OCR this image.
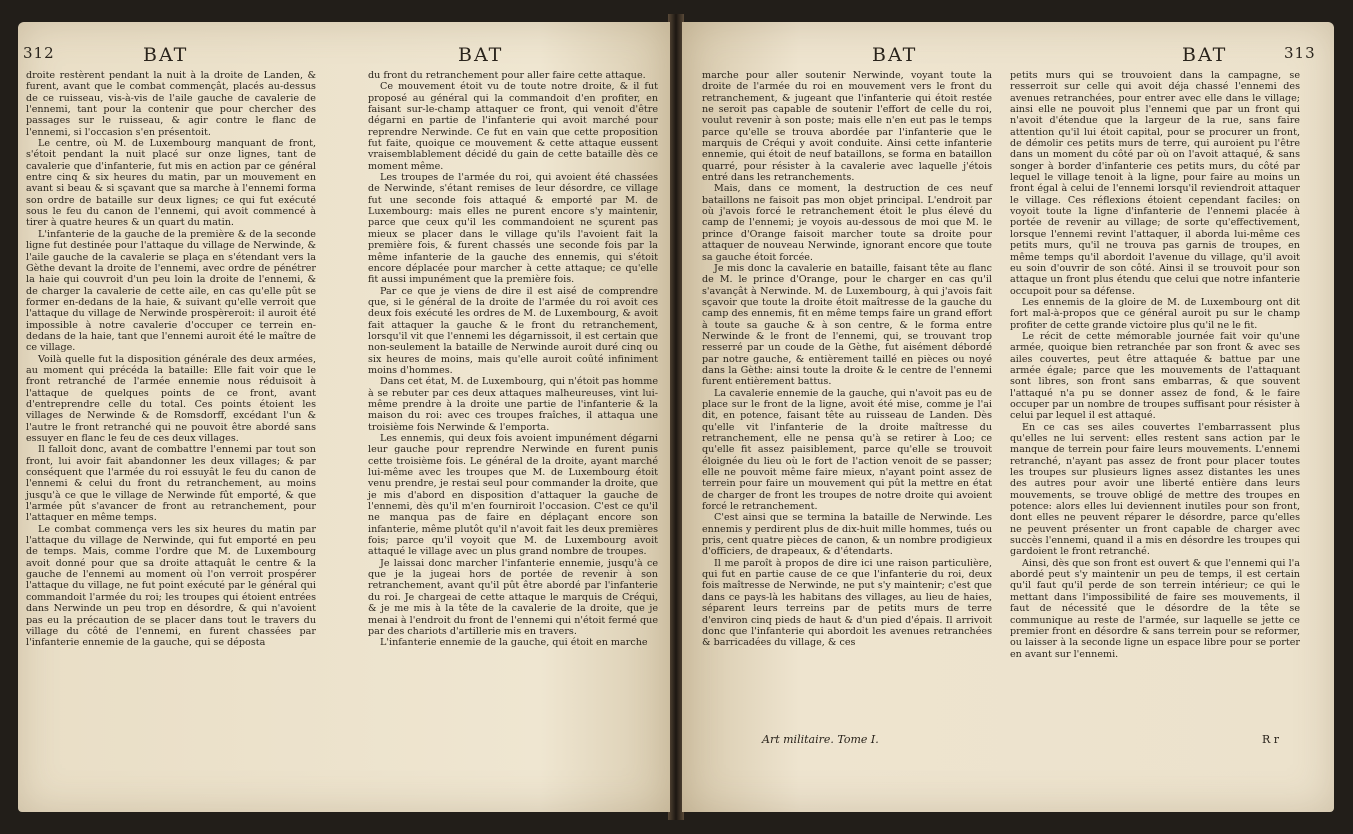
312	BAT	BAT

droite restèrent pendant la nuit à la droite de Landen, & furent, avant que le combat commençât, placés au-dessus de ce ruisseau, vis-à-vis de l'aile gauche de cavalerie de l'ennemi, tant pour la contenir que pour chercher des passages sur le ruisseau, & agir contre le flanc de l'ennemi, si l'occasion s'en présentoit.

Le centre, où M. de Luxembourg manquant de front, s'étoit pendant la nuit placé sur onze lignes, tant de cavalerie que d'infanterie, fut mis en action par ce général entre cinq & six heures du matin, par un mouvement en avant si beau & si sçavant que sa marche à l'ennemi forma son ordre de bataille sur deux lignes; ce qui fut exécuté sous le feu du canon de l'ennemi, qui avoit commencé à tirer à quatre heures & un quart du matin.

L'infanterie de la gauche de la première & de la seconde ligne fut destinée pour l'attaque du village de Nerwinde, & l'aile gauche de la cavalerie se plaça en s'étendant vers la Gèthe devant la droite de l'ennemi, avec ordre de pénétrer la haie qui couvroit d'un peu loin la droite de l'ennemi, & de charger la cavalerie de cette aile, en cas qu'elle pût se former en-dedans de la haie, & suivant qu'elle verroit que l'attaque du village de Nerwinde prospèreroit: il auroit été impossible à notre cavalerie d'occuper ce terrein en-dedans de la haie, tant que l'ennemi auroit été le maître de ce village.

Voilà quelle fut la disposition générale des deux armées, au moment qui précéda la bataille: Elle fait voir que le front retranché de l'armée ennemie nous réduisoit à l'attaque de quelques points de ce front, avant d'entreprendre celle du total. Ces points étoient les villages de Nerwinde & de Romsdorff, excédant l'un & l'autre le front retranché qui ne pouvoit être abordé sans essuyer en flanc le feu de ces deux villages.

Il falloit donc, avant de combattre l'ennemi par tout son front, lui avoir fait abandonner les deux villages; & par conséquent que l'armée du roi essuyât le feu du canon de l'ennemi & celui du front du retranchement, au moins jusqu'à ce que le village de Nerwinde fût emporté, & que l'armée pût s'avancer de front au retranchement, pour l'attaquer en même temps.

Le combat commença vers les six heures du matin par l'attaque du village de Nerwinde, qui fut emporté en peu de temps. Mais, comme l'ordre que M. de Luxembourg avoit donné pour que sa droite attaquât le centre & la gauche de l'ennemi au moment où l'on verroit prospérer l'attaque du village, ne fut point exécuté par le général qui commandoit l'armée du roi; les troupes qui étoient entrées dans Nerwinde un peu trop en désordre, & qui n'avoient pas eu la précaution de se placer dans tout le travers du village du côté de l'ennemi, en furent chassées par l'infanterie ennemie de la gauche, qui se déposta

du front du retranchement pour aller faire cette attaque.

Ce mouvement étoit vu de toute notre droite, & il fut proposé au général qui la commandoit d'en profiter, en faisant sur-le-champ attaquer ce front, qui venoit d'être dégarni en partie de l'infanterie qui avoit marché pour reprendre Nerwinde. Ce fut en vain que cette proposition fut faite, quoique ce mouvement & cette attaque eussent vraisemblablement décidé du gain de cette bataille dès ce moment même.

Les troupes de l'armée du roi, qui avoient été chassées de Nerwinde, s'étant remises de leur désordre, ce village fut une seconde fois attaqué & emporté par M. de Luxembourg: mais elles ne purent encore s'y maintenir, parce que ceux qu'il les commandoient ne sçurent pas mieux se placer dans le village qu'ils l'avoient fait la première fois, & furent chassés une seconde fois par la même infanterie de la gauche des ennemis, qui s'étoit encore déplacée pour marcher à cette attaque; ce qu'elle fit aussi impunément que la première fois.

Par ce que je viens de dire il est aisé de comprendre que, si le général de la droite de l'armée du roi avoit ces deux fois exécuté les ordres de M. de Luxembourg, & avoit fait attaquer la gauche & le front du retranchement, lorsqu'il vit que l'ennemi les dégarnissoit, il est certain que non-seulement la bataille de Nerwinde auroit duré cinq ou six heures de moins, mais qu'elle auroit coûté infiniment moins d'hommes.

Dans cet état, M. de Luxembourg, qui n'étoit pas homme à se rebuter par ces deux attaques malheureuses, vint lui-même prendre à la droite une partie de l'infanterie & la maison du roi: avec ces troupes fraîches, il attaqua une troisième fois Nerwinde & l'emporta.

Les ennemis, qui deux fois avoient impunément dégarni leur gauche pour reprendre Nerwinde en furent punis cette troisième fois. Le général de la droite, ayant marché lui-même avec les troupes que M. de Luxembourg étoit venu prendre, je restai seul pour commander la droite, que je mis d'abord en disposition d'attaquer la gauche de l'ennemi, dès qu'il m'en fourniroit l'occasion. C'est ce qu'il ne manqua pas de faire en déplaçant encore son infanterie, même plutôt qu'il n'avoit fait les deux premières fois; parce qu'il voyoit que M. de Luxembourg avoit attaqué le village avec un plus grand nombre de troupes.

Je laissai donc marcher l'infanterie ennemie, jusqu'à ce que je la jugeai hors de portée de revenir à son retranchement, avant qu'il pût être abordé par l'infanterie du roi. Je chargeai de cette attaque le marquis de Créqui, & je me mis à la tête de la cavalerie de la droite, que je menai à l'endroit du front de l'ennemi qui n'étoit fermé que par des chariots d'artillerie mis en travers.

L'infanterie ennemie de la gauche, qui étoit en marche

BAT	BAT	313

marche pour aller soutenir Nerwinde, voyant toute la droite de l'armée du roi en mouvement vers le front du retranchement, & jugeant que l'infanterie qui étoit restée ne seroit pas capable de soutenir l'effort de celle du roi, voulut revenir à son poste; mais elle n'en eut pas le temps parce qu'elle se trouva abordée par l'infanterie que le marquis de Créqui y avoit conduite. Ainsi cette infanterie ennemie, qui étoit de neuf bataillons, se forma en bataillon quarré, pour résister à la cavalerie avec laquelle j'étois entré dans les retranchements.

Mais, dans ce moment, la destruction de ces neuf bataillons ne faisoit pas mon objet principal. L'endroit par où j'avois forcé le retranchement étoit le plus élevé du camp de l'ennemi; je voyois au-dessous de moi que M. le prince d'Orange faisoit marcher toute sa droite pour attaquer de nouveau Nerwinde, ignorant encore que toute sa gauche étoit forcée.

Je mis donc la cavalerie en bataille, faisant tête au flanc de M. le prince d'Orange, pour le charger en cas qu'il s'avançât à Nerwinde. M. de Luxembourg, à qui j'avois fait sçavoir que toute la droite étoit maîtresse de la gauche du camp des ennemis, fit en même temps faire un grand effort à toute sa gauche & à son centre, & le forma entre Nerwinde & le front de l'ennemi, qui, se trouvant trop resserré par un coude de la Gèthe, fut aisément débordé par notre gauche, & entièrement taillé en pièces ou noyé dans la Gèthe: ainsi toute la droite & le centre de l'ennemi furent entièrement battus.

La cavalerie ennemie de la gauche, qui n'avoit pas eu de place sur le front de la ligne, avoit été mise, comme je l'ai dit, en potence, faisant tête au ruisseau de Landen. Dès qu'elle vit l'infanterie de la droite maîtresse du retranchement, elle ne pensa qu'à se retirer à Loo; ce qu'elle fit assez paisiblement, parce qu'elle se trouvoit éloignée du lieu où le fort de l'action venoit de se passer; elle ne pouvoit même faire mieux, n'ayant point assez de terrein pour faire un mouvement qui pût la mettre en état de charger de front les troupes de notre droite qui avoient forcé le retranchement.

C'est ainsi que se termina la bataille de Nerwinde. Les ennemis y perdirent plus de dix-huit mille hommes, tués ou pris, cent quatre pièces de canon, & un nombre prodigieux d'officiers, de drapeaux, & d'étendarts.

Il me paroît à propos de dire ici une raison particulière, qui fut en partie cause de ce que l'infanterie du roi, deux fois maîtresse de Nerwinde, ne put s'y maintenir; c'est que dans ce pays-là les habitans des villages, au lieu de haies, séparent leurs terreins par de petits murs de terre d'environ cinq pieds de haut & d'un pied d'épais. Il arrivoit donc que l'infanterie qui abordoit les avenues retranchées & barricadées du village, & ces

petits murs qui se trouvoient dans la campagne, se resserroit sur celle qui avoit déja chassé l'ennemi des avenues retranchées, pour entrer avec elle dans le village; ainsi elle ne pouvoit plus l'ennemi que par un front qui n'avoit d'étendue que la largeur de la rue, sans faire attention qu'il lui étoit capital, pour se procurer un front, de démolir ces petits murs de terre, qui auroient pu l'être dans un moment du côté par où on l'avoit attaqué, & sans songer à border d'infanterie ces petits murs, du côté par lequel le village tenoit à la ligne, pour faire au moins un front égal à celui de l'ennemi lorsqu'il reviendroit attaquer le village. Ces réflexions étoient cependant faciles: on voyoit toute la ligne d'infanterie de l'ennemi placée à portée de revenir au village; de sorte qu'effectivement, lorsque l'ennemi revint l'attaquer, il aborda lui-même ces petits murs, qu'il ne trouva pas garnis de troupes, en même temps qu'il abordoit l'avenue du village, qu'il avoit eu soin d'ouvrir de son côté. Ainsi il se trouvoit pour son attaque un front plus étendu que celui que notre infanterie occupoit pour sa défense.

Les ennemis de la gloire de M. de Luxembourg ont dit fort mal-à-propos que ce général auroit pu sur le champ profiter de cette grande victoire plus qu'il ne le fit.

Le récit de cette mémorable journée fait voir qu'une armée, quoique bien retranchée par son front & avec ses ailes couvertes, peut être attaquée & battue par une armée égale; parce que les mouvements de l'attaquant sont libres, son front sans embarras, & que souvent l'attaqué n'a pu se donner assez de fond, & le faire occuper par un nombre de troupes suffisant pour résister à celui par lequel il est attaqué.

En ce cas ses ailes couvertes l'embarrassent plus qu'elles ne lui servent: elles restent sans action par le manque de terrein pour faire leurs mouvements. L'ennemi retranché, n'ayant pas assez de front pour placer toutes les troupes sur plusieurs lignes assez distantes les unes des autres pour avoir une liberté entière dans leurs mouvements, se trouve obligé de mettre des troupes en potence: alors elles lui deviennent inutiles pour son front, dont elles ne peuvent réparer le désordre, parce qu'elles ne peuvent présenter un front capable de charger avec succès l'ennemi, quand il a mis en désordre les troupes qui gardoient le front retranché.

Ainsi, dès que son front est ouvert & que l'ennemi qui l'a abordé peut s'y maintenir un peu de temps, il est certain qu'il faut qu'il perde de son terrein intérieur; ce qui le mettant dans l'impossibilité de faire ses mouvements, il faut de nécessité que le désordre de la tête se communique au reste de l'armée, sur laquelle se jette ce premier front en désordre & sans terrein pour se reformer, ou laisser à la seconde ligne un espace libre pour se porter en avant sur l'ennemi.

Art militaire. Tome I.	R r
